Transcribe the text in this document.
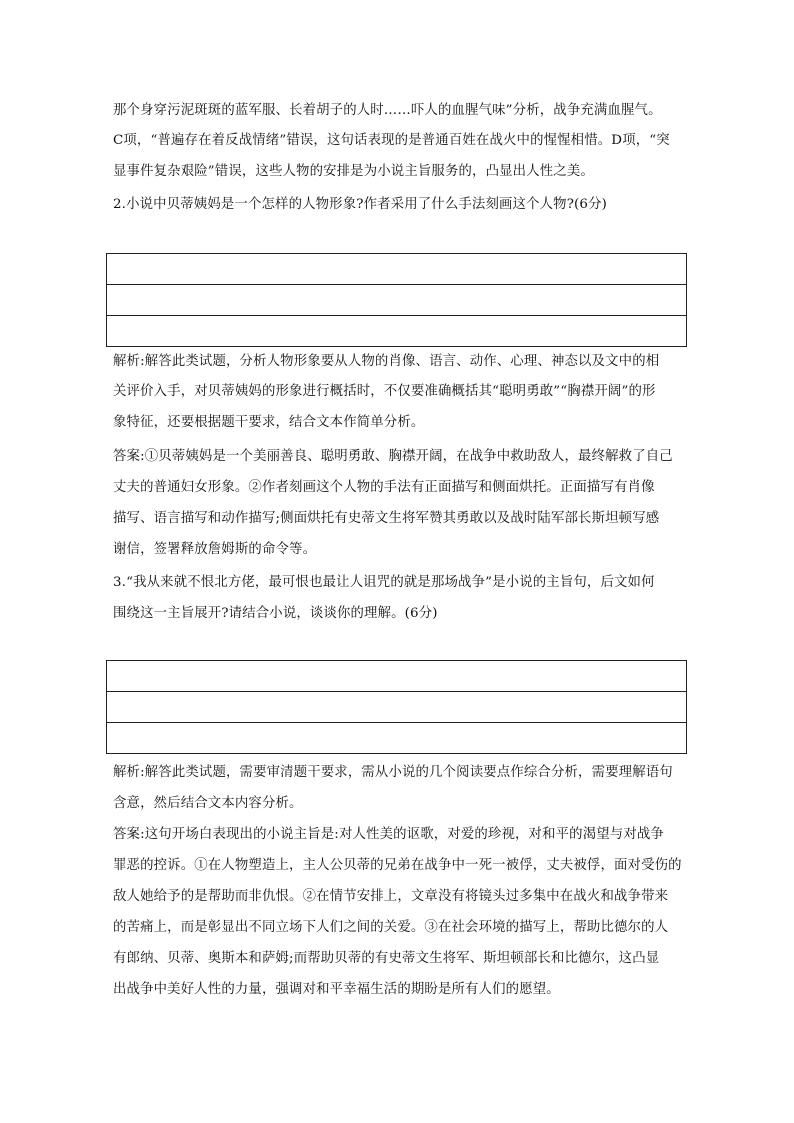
那个身穿污泥斑斑的蓝军服、长着胡子的人时……吓人的血腥气味”分析，战争充满血腥气。
C项，“普遍存在着反战情绪”错误，这句话表现的是普通百姓在战火中的惺惺相惜。D项，“突
显事件复杂艰险”错误，这些人物的安排是为小说主旨服务的，凸显出人性之美。
2.小说中贝蒂姨妈是一个怎样的人物形象?作者采用了什么手法刻画这个人物?(6分)
解析:解答此类试题，分析人物形象要从人物的肖像、语言、动作、心理、神态以及文中的相
关评价入手，对贝蒂姨妈的形象进行概括时，不仅要准确概括其“聪明勇敢”“胸襟开阔”的形
象特征，还要根据题干要求，结合文本作简单分析。
答案:①贝蒂姨妈是一个美丽善良、聪明勇敢、胸襟开阔，在战争中救助敌人，最终解救了自己
丈夫的普通妇女形象。②作者刻画这个人物的手法有正面描写和侧面烘托。正面描写有肖像
描写、语言描写和动作描写;侧面烘托有史蒂文生将军赞其勇敢以及战时陆军部长斯坦顿写感
谢信，签署释放詹姆斯的命令等。
3.“我从来就不恨北方佬，最可恨也最让人诅咒的就是那场战争”是小说的主旨句，后文如何
围绕这一主旨展开?请结合小说，谈谈你的理解。(6分)
解析:解答此类试题，需要审清题干要求，需从小说的几个阅读要点作综合分析，需要理解语句
含意，然后结合文本内容分析。
答案:这句开场白表现出的小说主旨是:对人性美的讴歌，对爱的珍视，对和平的渴望与对战争
罪恶的控诉。①在人物塑造上，主人公贝蒂的兄弟在战争中一死一被俘，丈夫被俘，面对受伤的
敌人她给予的是帮助而非仇恨。②在情节安排上，文章没有将镜头过多集中在战火和战争带来
的苦痛上，而是彰显出不同立场下人们之间的关爱。③在社会环境的描写上，帮助比德尔的人
有郎纳、贝蒂、奥斯本和萨姆;而帮助贝蒂的有史蒂文生将军、斯坦顿部长和比德尔，这凸显
出战争中美好人性的力量，强调对和平幸福生活的期盼是所有人们的愿望。
